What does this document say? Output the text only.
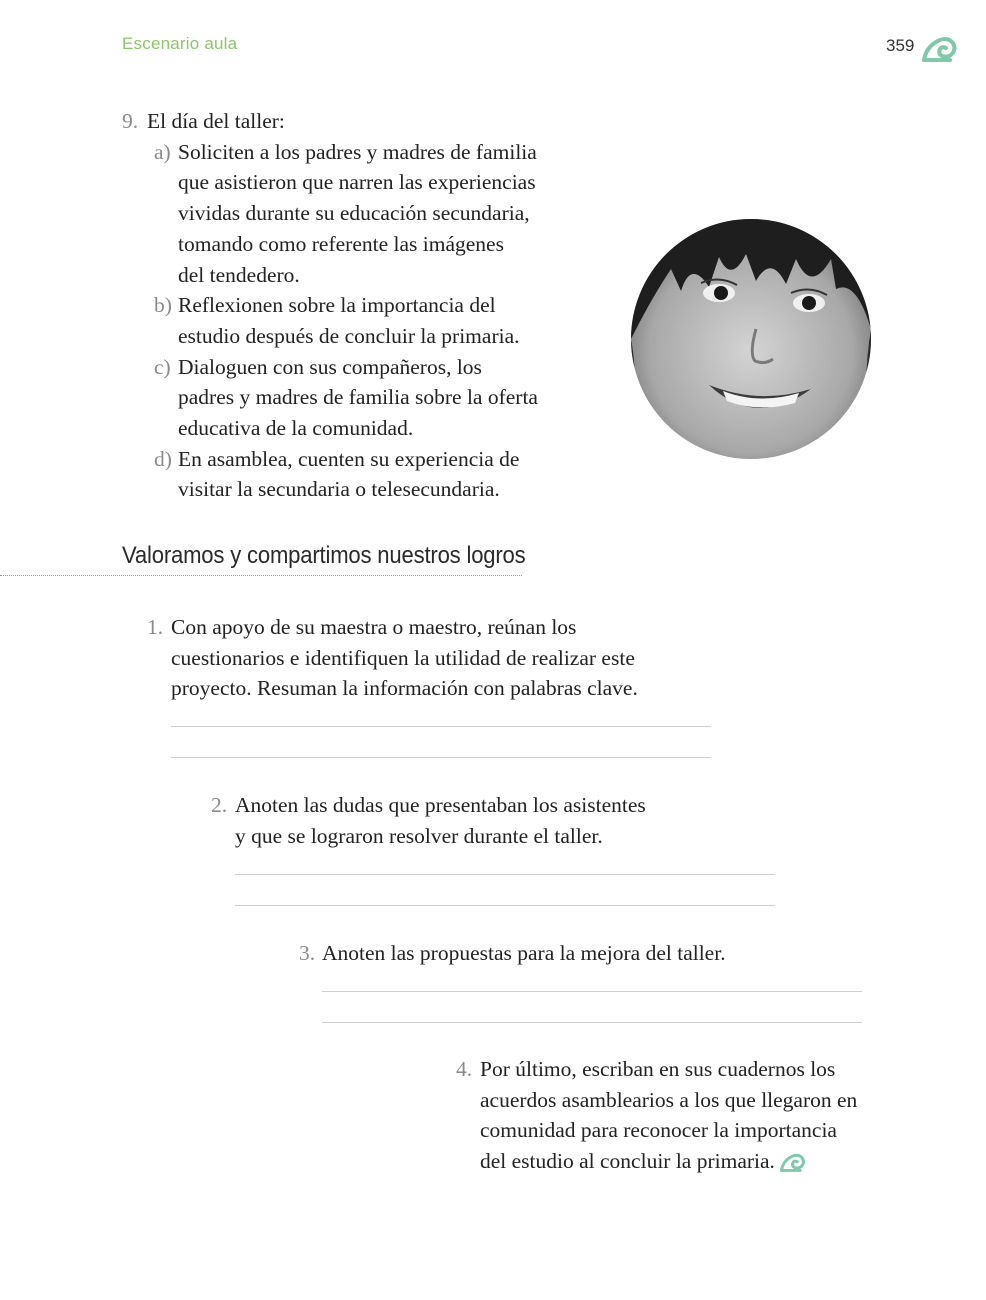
Escenario aula	359
9. El día del taller:
a) Soliciten a los padres y madres de familia
que asistieron que narren las experiencias
vividas durante su educación secundaria,
tomando como referente las imágenes
del tendedero.
b) Reflexionen sobre la importancia del
estudio después de concluir la primaria.
c) Dialoguen con sus compañeros, los
padres y madres de familia sobre la oferta
educativa de la comunidad.
d) En asamblea, cuenten su experiencia de
visitar la secundaria o telesecundaria.
Valoramos y compartimos nuestros logros
1. Con apoyo de su maestra o maestro, reúnan los
cuestionarios e identifiquen la utilidad de realizar este
proyecto. Resuman la información con palabras clave.
2. Anoten las dudas que presentaban los asistentes
y que se lograron resolver durante el taller.
3. Anoten las propuestas para la mejora del taller.
4. Por último, escriban en sus cuadernos los
acuerdos asamblearios a los que llegaron en
comunidad para reconocer la importancia
del estudio al concluir la primaria.
